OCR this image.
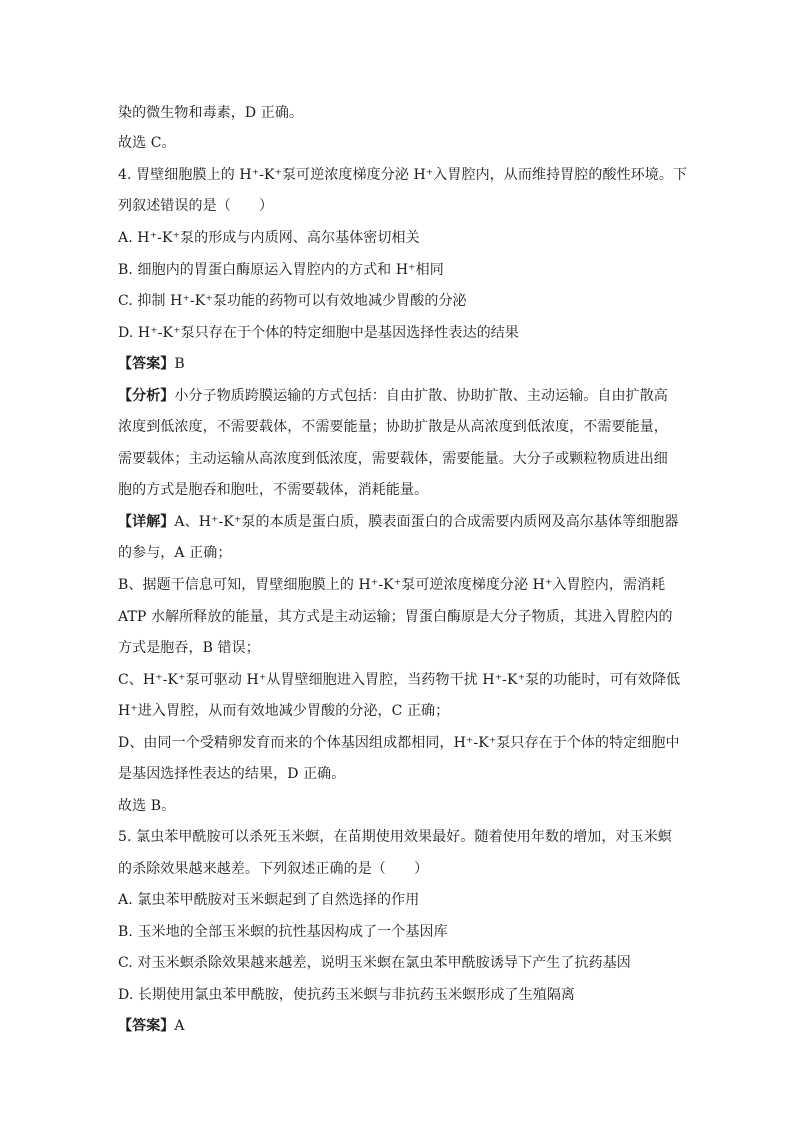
染的微生物和毒素，D 正确。
故选 C。
4. 胃壁细胞膜上的 H⁺-K⁺泵可逆浓度梯度分泌 H⁺入胃腔内，从而维持胃腔的酸性环境。下
列叙述错误的是（　　）
A. H⁺-K⁺泵的形成与内质网、高尔基体密切相关
B. 细胞内的胃蛋白酶原运入胃腔内的方式和 H⁺相同
C. 抑制 H⁺-K⁺泵功能的药物可以有效地减少胃酸的分泌
D. H⁺-K⁺泵只存在于个体的特定细胞中是基因选择性表达的结果
【答案】B
【分析】小分子物质跨膜运输的方式包括：自由扩散、协助扩散、主动运输。自由扩散高
浓度到低浓度，不需要载体，不需要能量；协助扩散是从高浓度到低浓度，不需要能量，
需要载体；主动运输从高浓度到低浓度，需要载体，需要能量。大分子或颗粒物质进出细
胞的方式是胞吞和胞吐，不需要载体，消耗能量。
【详解】A、H⁺-K⁺泵的本质是蛋白质，膜表面蛋白的合成需要内质网及高尔基体等细胞器
的参与，A 正确；
B、据题干信息可知，胃壁细胞膜上的 H⁺-K⁺泵可逆浓度梯度分泌 H⁺入胃腔内，需消耗
ATP 水解所释放的能量，其方式是主动运输；胃蛋白酶原是大分子物质，其进入胃腔内的
方式是胞吞，B 错误；
C、H⁺-K⁺泵可驱动 H⁺从胃壁细胞进入胃腔，当药物干扰 H⁺-K⁺泵的功能时，可有效降低
H⁺进入胃腔，从而有效地减少胃酸的分泌，C 正确；
D、由同一个受精卵发育而来的个体基因组成都相同，H⁺-K⁺泵只存在于个体的特定细胞中
是基因选择性表达的结果，D 正确。
故选 B。
5. 氯虫苯甲酰胺可以杀死玉米螟，在苗期使用效果最好。随着使用年数的增加，对玉米螟
的杀除效果越来越差。下列叙述正确的是（　　）
A. 氯虫苯甲酰胺对玉米螟起到了自然选择的作用
B. 玉米地的全部玉米螟的抗性基因构成了一个基因库
C. 对玉米螟杀除效果越来越差，说明玉米螟在氯虫苯甲酰胺诱导下产生了抗药基因
D. 长期使用氯虫苯甲酰胺，使抗药玉米螟与非抗药玉米螟形成了生殖隔离
【答案】A
